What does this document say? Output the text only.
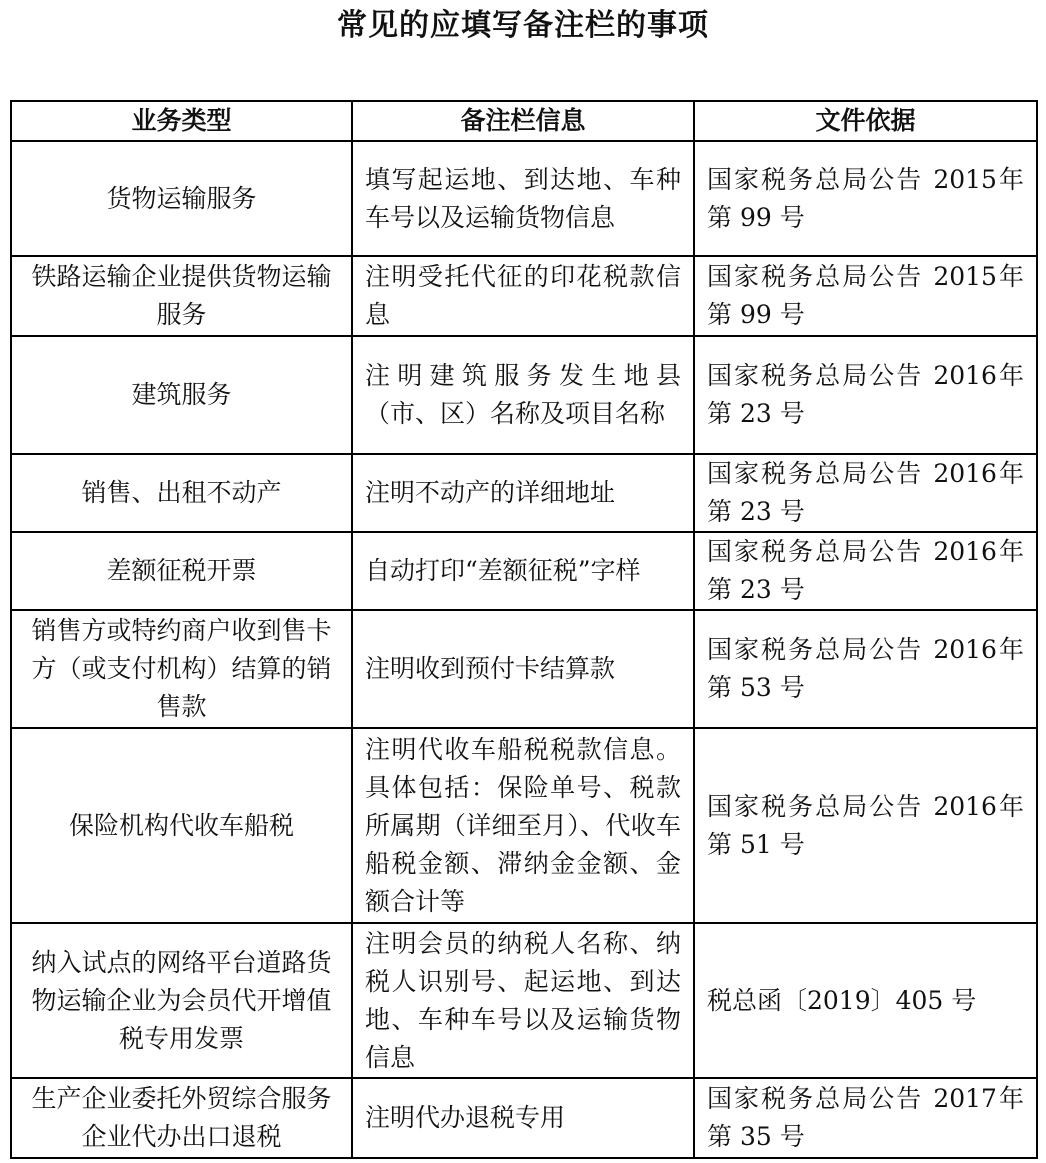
常见的应填写备注栏的事项
业务类型	备注栏信息	文件依据
货物运输服务	填写起运地、到达地、车种车号以及运输货物信息	国家税务总局公告 2015年第 99 号
铁路运输企业提供货物运输服务	注明受托代征的印花税款信息	国家税务总局公告 2015年第 99 号
建筑服务	注明建筑服务发生地县（市、区）名称及项目名称	国家税务总局公告 2016年第 23 号
销售、出租不动产	注明不动产的详细地址	国家税务总局公告 2016年第 23 号
差额征税开票	自动打印“差额征税”字样	国家税务总局公告 2016年第 23 号
销售方或特约商户收到售卡方（或支付机构）结算的销售款	注明收到预付卡结算款	国家税务总局公告 2016年第 53 号
保险机构代收车船税	注明代收车船税税款信息。具体包括：保险单号、税款所属期（详细至月）、代收车船税金额、滞纳金金额、金额合计等	国家税务总局公告 2016年第 51 号
纳入试点的网络平台道路货物运输企业为会员代开增值税专用发票	注明会员的纳税人名称、纳税人识别号、起运地、到达地、车种车号以及运输货物信息	税总函〔2019〕405 号
生产企业委托外贸综合服务企业代办出口退税	注明代办退税专用	国家税务总局公告 2017年第 35 号
